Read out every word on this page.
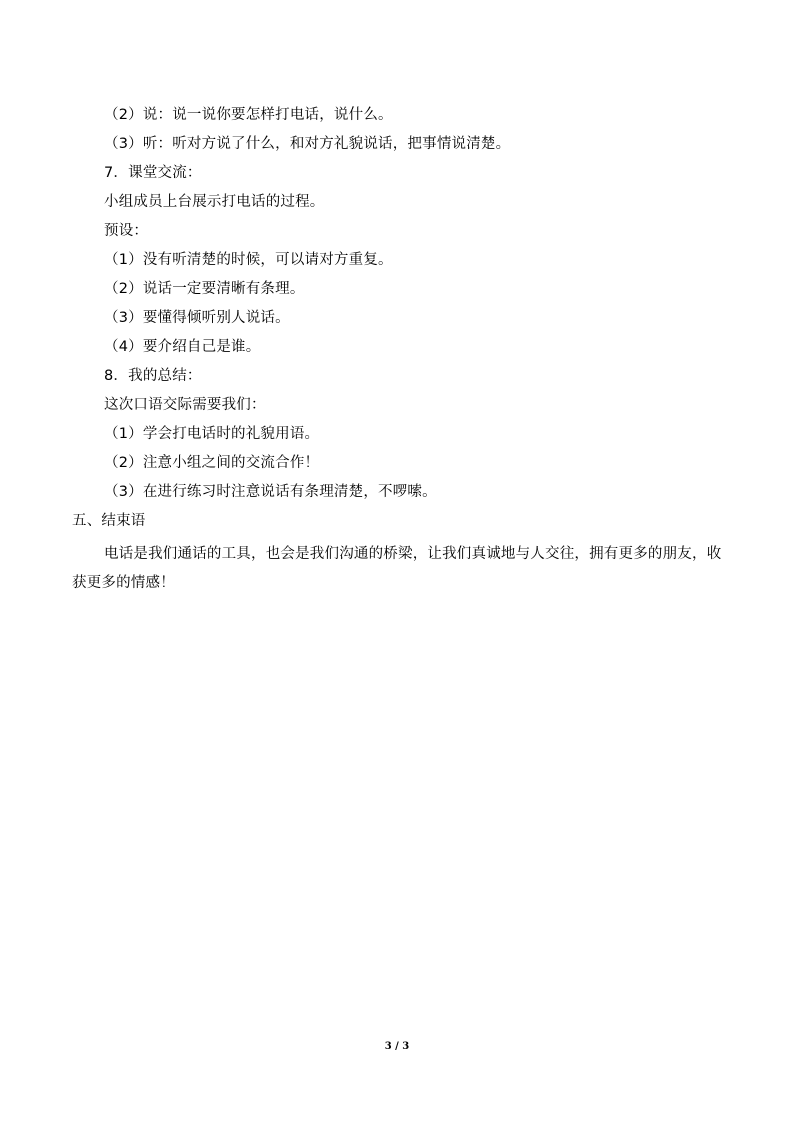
（2）说：说一说你要怎样打电话，说什么。
（3）听：听对方说了什么，和对方礼貌说话，把事情说清楚。
7．课堂交流：
小组成员上台展示打电话的过程。
预设：
（1）没有听清楚的时候，可以请对方重复。
（2）说话一定要清晰有条理。
（3）要懂得倾听别人说话。
（4）要介绍自己是谁。
8．我的总结：
这次口语交际需要我们：
（1）学会打电话时的礼貌用语。
（2）注意小组之间的交流合作！
（3）在进行练习时注意说话有条理清楚，不啰嗦。
五、结束语
电话是我们通话的工具，也会是我们沟通的桥梁，让我们真诚地与人交往，拥有更多的朋友，收获更多的情感！
3 / 3
